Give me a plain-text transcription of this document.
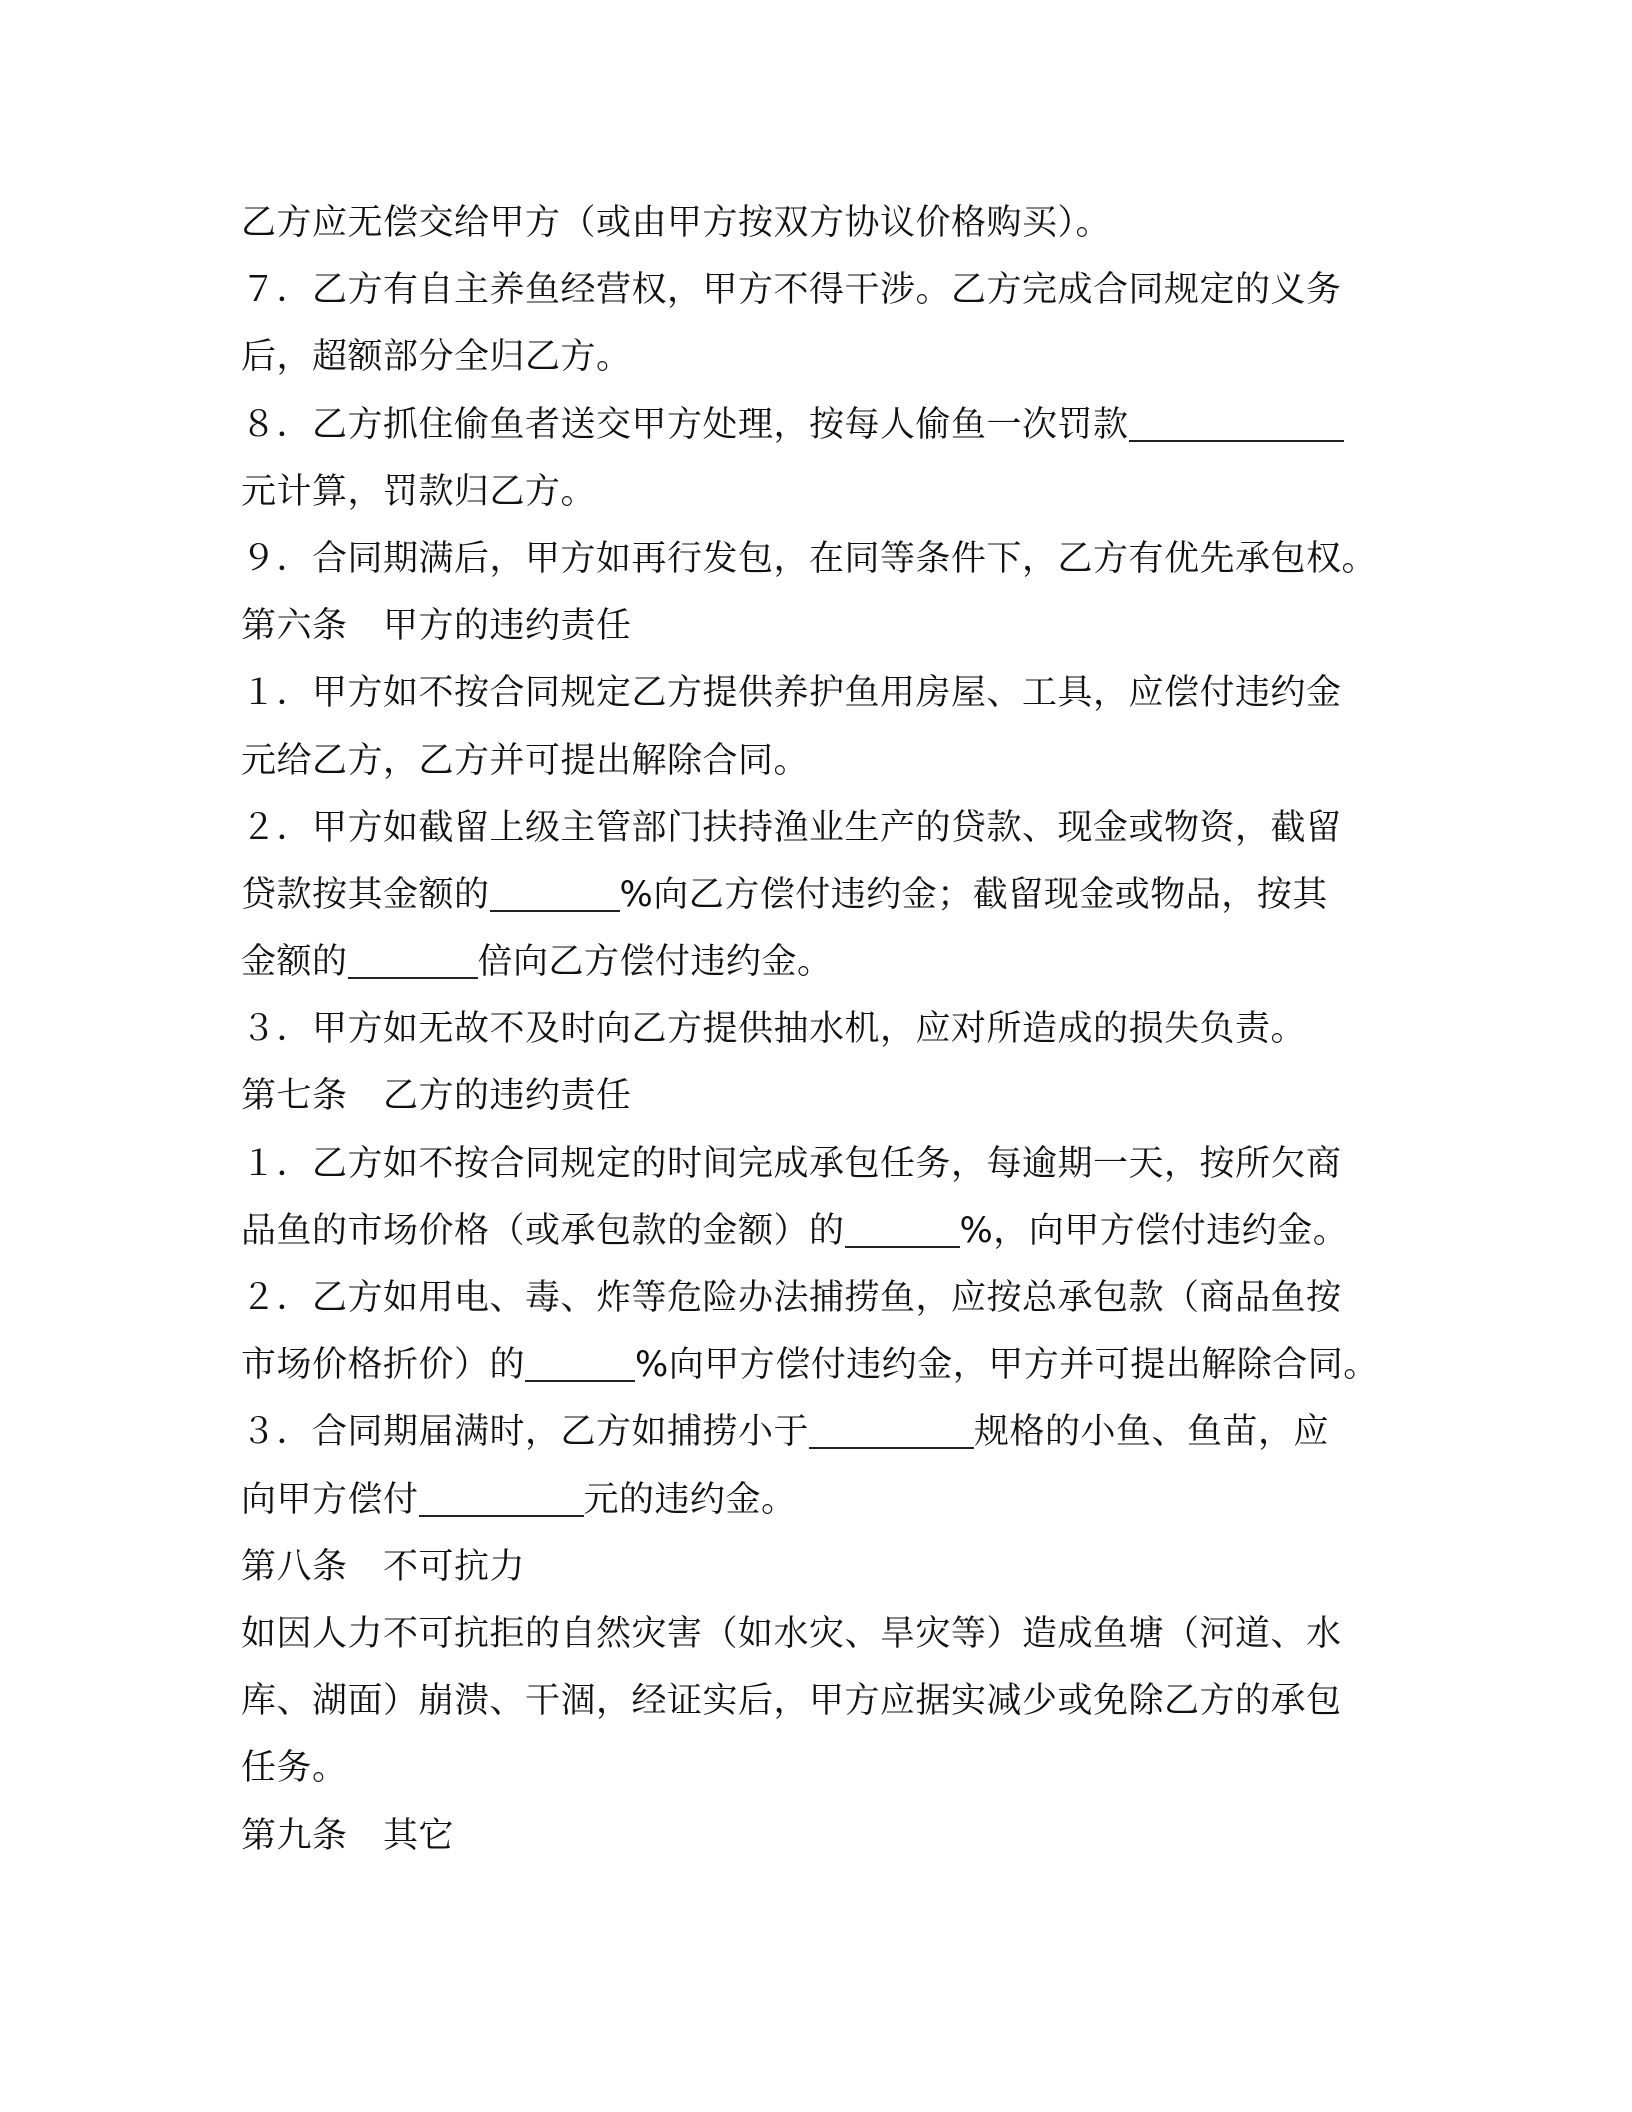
乙方应无偿交给甲方（或由甲方按双方协议价格购买）。
７．乙方有自主养鱼经营权，甲方不得干涉。乙方完成合同规定的义务
后，超额部分全归乙方。
８．乙方抓住偷鱼者送交甲方处理，按每人偷鱼一次罚款
元计算，罚款归乙方。
９．合同期满后，甲方如再行发包，在同等条件下，乙方有优先承包权。
第六条　甲方的违约责任
１．甲方如不按合同规定乙方提供养护鱼用房屋、工具，应偿付违约金
元给乙方，乙方并可提出解除合同。
２．甲方如截留上级主管部门扶持渔业生产的贷款、现金或物资，截留
贷款按其金额的	%向乙方偿付违约金；截留现金或物品，按其
金额的	倍向乙方偿付违约金。
３．甲方如无故不及时向乙方提供抽水机，应对所造成的损失负责。
第七条　乙方的违约责任
１．乙方如不按合同规定的时间完成承包任务，每逾期一天，按所欠商
品鱼的市场价格（或承包款的金额）的	%，向甲方偿付违约金。
２．乙方如用电、毒、炸等危险办法捕捞鱼，应按总承包款（商品鱼按
市场价格折价）的	%向甲方偿付违约金，甲方并可提出解除合同。
３．合同期届满时，乙方如捕捞小于	规格的小鱼、鱼苗，应
向甲方偿付	元的违约金。
第八条　不可抗力
如因人力不可抗拒的自然灾害（如水灾、旱灾等）造成鱼塘（河道、水
库、湖面）崩溃、干涸，经证实后，甲方应据实减少或免除乙方的承包
任务。
第九条　其它
